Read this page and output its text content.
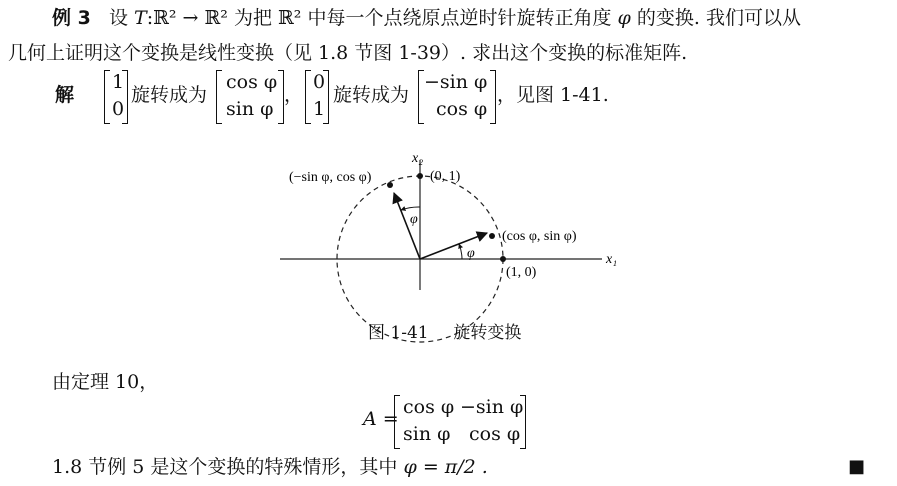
例 3 设 T:ℝ² → ℝ² 为把 ℝ² 中每一个点绕原点逆时针旋转正角度 φ 的变换. 我们可以从
几何上证明这个变换是线性变换（见 1.8 节图 1-39）. 求出这个变换的标准矩阵.
解
1
0
旋转成为
cos φ
sin φ
，
0
1
旋转成为
−sin φ
cos φ
，见图 1-41.
x₂
x₁
(0, 1)
(−sin φ, cos φ)
(cos φ, sin φ)
(1, 0)
φ
φ
图 1-41 旋转变换
由定理 10，
A =
cos φ −sin φ
sin φ cos φ
1.8 节例 5 是这个变换的特殊情形，其中 φ = π/2 .	■
